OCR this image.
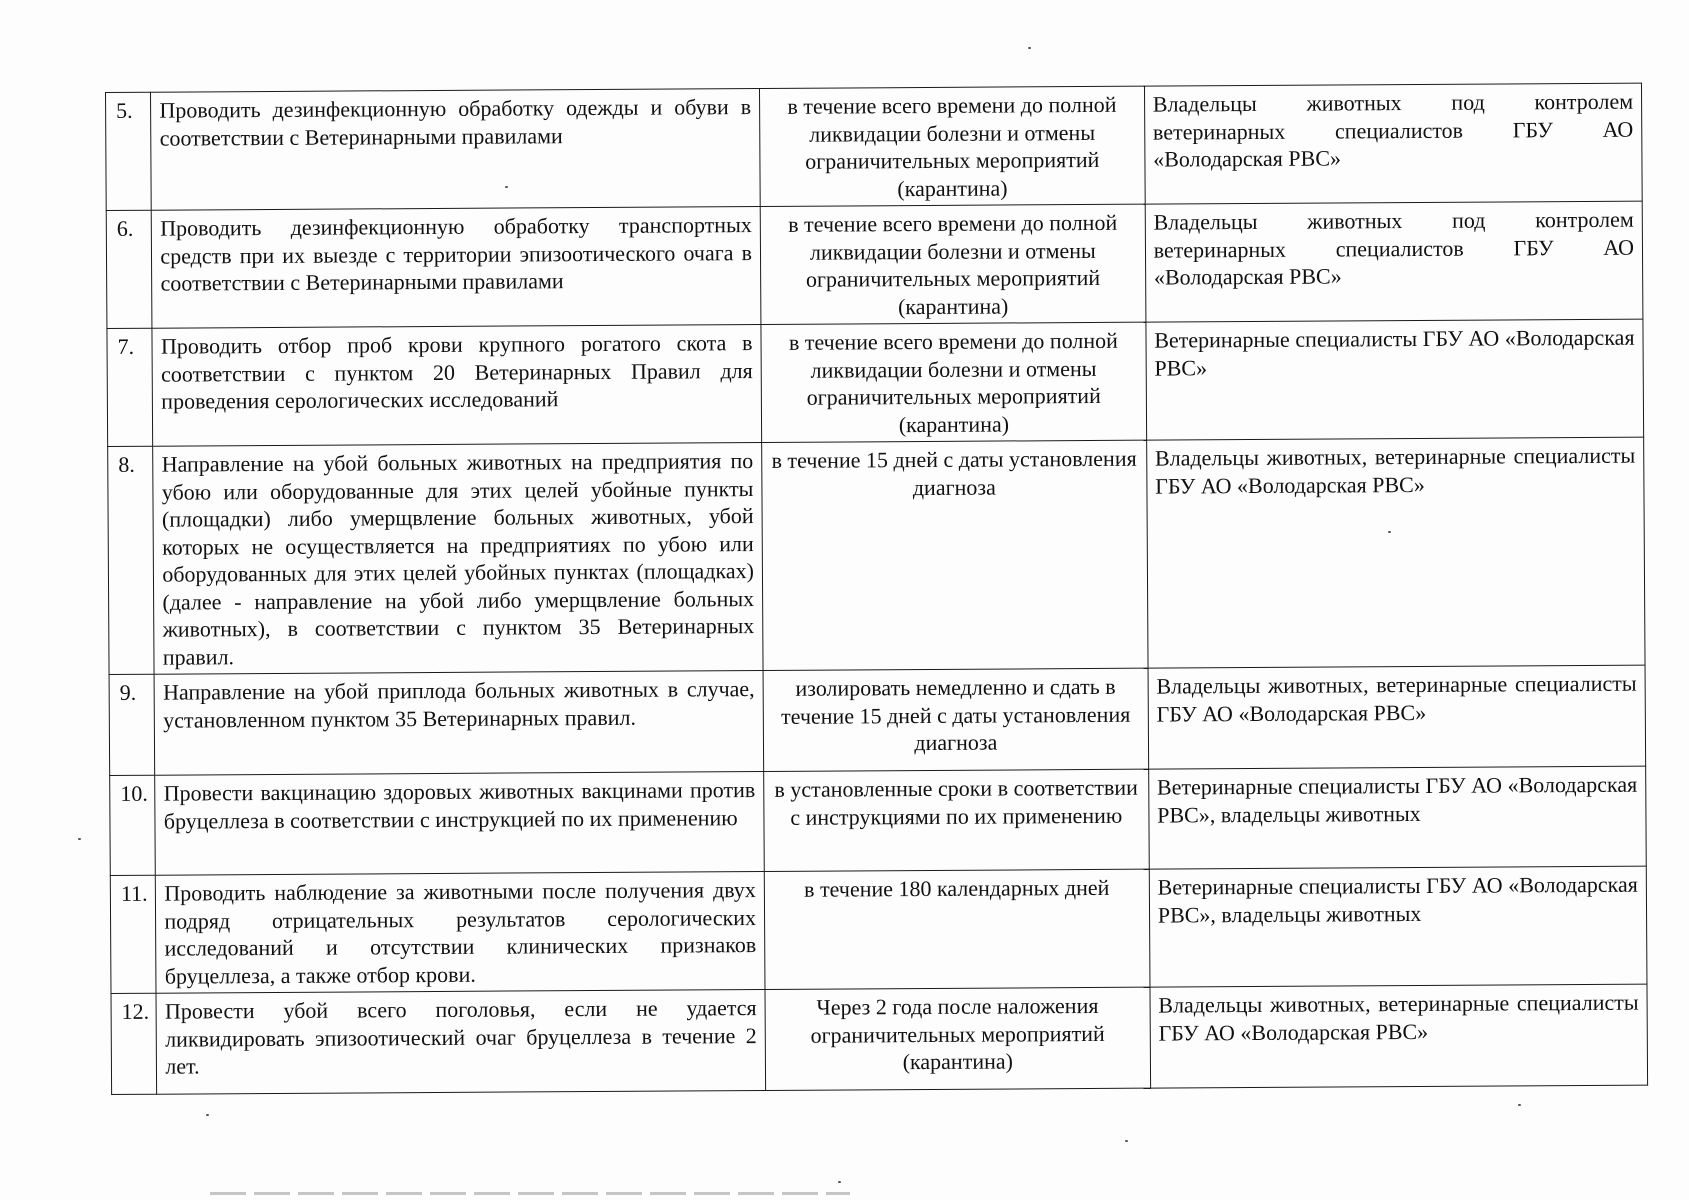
5.	Проводить дезинфекционную обработку одежды и обуви в соответствии с Ветеринарными правилами	в течение всего времени до полной ликвидации болезни и отмены ограничительных мероприятий (карантина)	Владельцы животных под контролем ветеринарных специалистов ГБУ АО «Володарская РВС»
6.	Проводить дезинфекционную обработку транспортных средств при их выезде с территории эпизоотического очага в соответствии с Ветеринарными правилами	в течение всего времени до полной ликвидации болезни и отмены ограничительных мероприятий (карантина)	Владельцы животных под контролем ветеринарных специалистов ГБУ АО «Володарская РВС»
7.	Проводить отбор проб крови крупного рогатого скота в соответствии с пунктом 20 Ветеринарных Правил для проведения серологических исследований	в течение всего времени до полной ликвидации болезни и отмены ограничительных мероприятий (карантина)	Ветеринарные специалисты ГБУ АО «Володарская РВС»
8.	Направление на убой больных животных на предприятия по убою или оборудованные для этих целей убойные пункты (площадки) либо умерщвление больных животных, убой которых не осуществляется на предприятиях по убою или оборудованных для этих целей убойных пунктах (площадках) (далее - направление на убой либо умерщвление больных животных), в соответствии с пунктом 35 Ветеринарных правил.	в течение 15 дней с даты установления диагноза	Владельцы животных, ветеринарные специалисты ГБУ АО «Володарская РВС»
9.	Направление на убой приплода больных животных в случае, установленном пунктом 35 Ветеринарных правил.	изолировать немедленно и сдать в течение 15 дней с даты установления диагноза	Владельцы животных, ветеринарные специалисты ГБУ АО «Володарская РВС»
10.	Провести вакцинацию здоровых животных вакцинами против бруцеллеза в соответствии с инструкцией по их применению	в установленные сроки в соответствии с инструкциями по их применению	Ветеринарные специалисты ГБУ АО «Володарская РВС», владельцы животных
11.	Проводить наблюдение за животными после получения двух подряд отрицательных результатов серологических исследований и отсутствии клинических признаков бруцеллеза, а также отбор крови.	в течение 180 календарных дней	Ветеринарные специалисты ГБУ АО «Володарская РВС», владельцы животных
12.	Провести убой всего поголовья, если не удается ликвидировать эпизоотический очаг бруцеллеза в течение 2 лет.	Через 2 года после наложения ограничительных мероприятий (карантина)	Владельцы животных, ветеринарные специалисты ГБУ АО «Володарская РВС»
